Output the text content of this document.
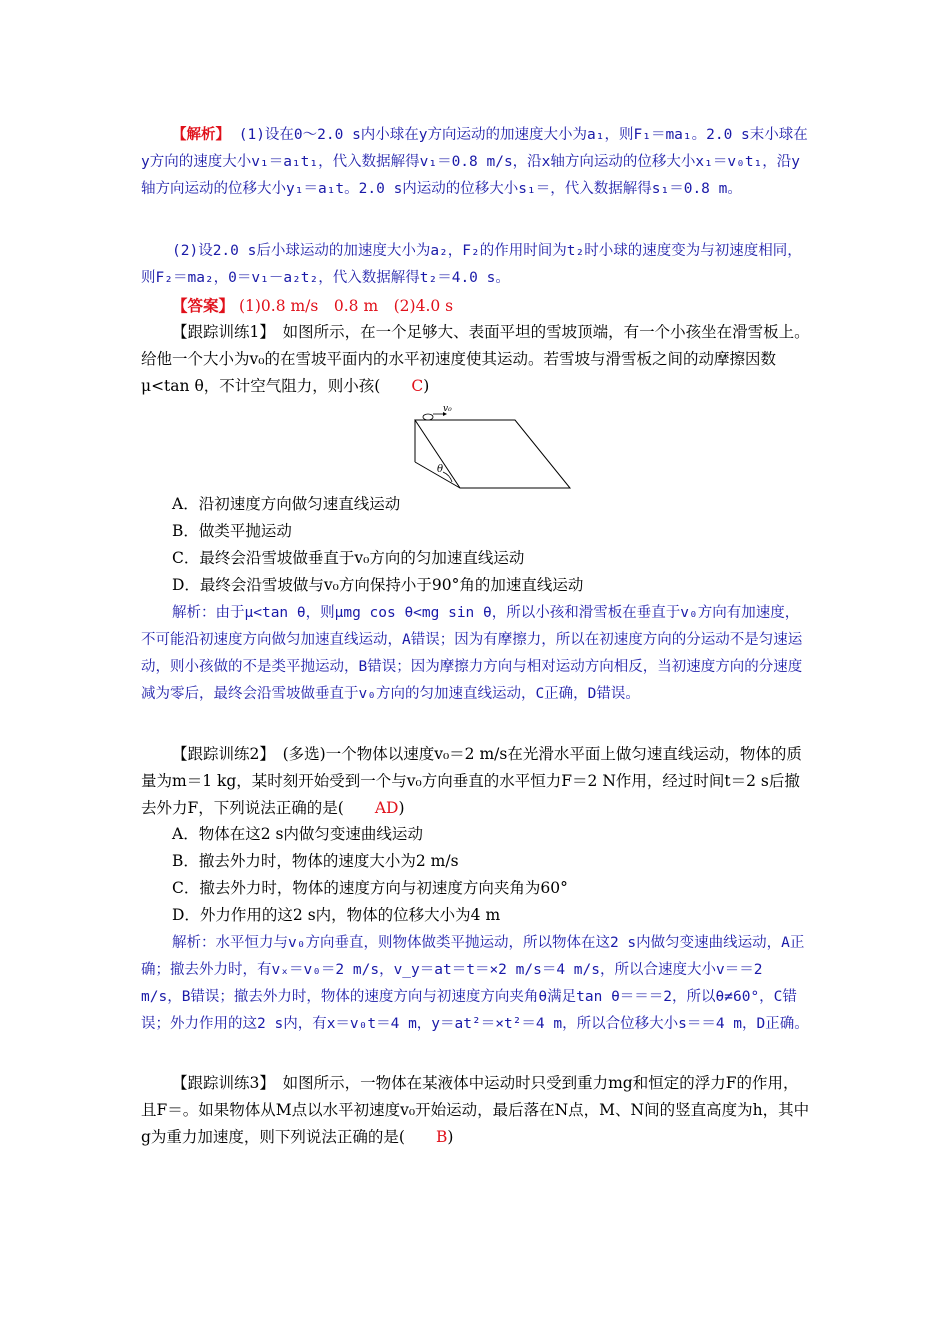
【解析】 (1)设在0～2.0 s内小球在y方向运动的加速度大小为a₁，则F₁＝ma₁。2.0 s末小球在y方向的速度大小v₁＝a₁t₁，代入数据解得v₁＝0.8 m/s，沿x轴方向运动的位移大小x₁＝v₀t₁，沿y轴方向运动的位移大小y₁＝a₁t。2.0 s内运动的位移大小s₁＝，代入数据解得s₁＝0.8 m。
(2)设2.0 s后小球运动的加速度大小为a₂，F₂的作用时间为t₂时小球的速度变为与初速度相同，则F₂＝ma₂，0＝v₁－a₂t₂，代入数据解得t₂＝4.0 s。
【答案】 (1)0.8 m/s　0.8 m　(2)4.0 s
【跟踪训练1】　如图所示，在一个足够大、表面平坦的雪坡顶端，有一个小孩坐在滑雪板上。给他一个大小为v₀的在雪坡平面内的水平初速度使其运动。若雪坡与滑雪板之间的动摩擦因数μ<tan θ，不计空气阻力，则小孩( C)
θ
v₀
A．沿初速度方向做匀速直线运动
B．做类平抛运动
C．最终会沿雪坡做垂直于v₀方向的匀加速直线运动
D．最终会沿雪坡做与v₀方向保持小于90°角的加速直线运动
解析：由于μ<tan θ，则μmg cos θ<mg sin θ，所以小孩和滑雪板在垂直于v₀方向有加速度，不可能沿初速度方向做匀加速直线运动，A错误；因为有摩擦力，所以在初速度方向的分运动不是匀速运动，则小孩做的不是类平抛运动，B错误；因为摩擦力方向与相对运动方向相反，当初速度方向的分速度减为零后，最终会沿雪坡做垂直于v₀方向的匀加速直线运动，C正确，D错误。
【跟踪训练2】　(多选)一个物体以速度v₀＝2 m/s在光滑水平面上做匀速直线运动，物体的质量为m＝1 kg，某时刻开始受到一个与v₀方向垂直的水平恒力F＝2 N作用，经过时间t＝2 s后撤去外力F，下列说法正确的是( AD)
A．物体在这2 s内做匀变速曲线运动
B．撤去外力时，物体的速度大小为2 m/s
C．撤去外力时，物体的速度方向与初速度方向夹角为60°
D．外力作用的这2 s内，物体的位移大小为4 m
解析：水平恒力与v₀方向垂直，则物体做类平抛运动，所以物体在这2 s内做匀变速曲线运动，A正确；撤去外力时，有vₓ＝v₀＝2 m/s，v_y＝at＝t＝×2 m/s＝4 m/s，所以合速度大小v＝＝2 m/s，B错误；撤去外力时，物体的速度方向与初速度方向夹角θ满足tan θ＝＝＝2，所以θ≠60°，C错误；外力作用的这2 s内，有x＝v₀t＝4 m，y＝at²＝×t²＝4 m，所以合位移大小s＝＝4 m，D正确。
【跟踪训练3】　如图所示，一物体在某液体中运动时只受到重力mg和恒定的浮力F的作用，且F＝。如果物体从M点以水平初速度v₀开始运动，最后落在N点，M、N间的竖直高度为h，其中g为重力加速度，则下列说法正确的是( B)
